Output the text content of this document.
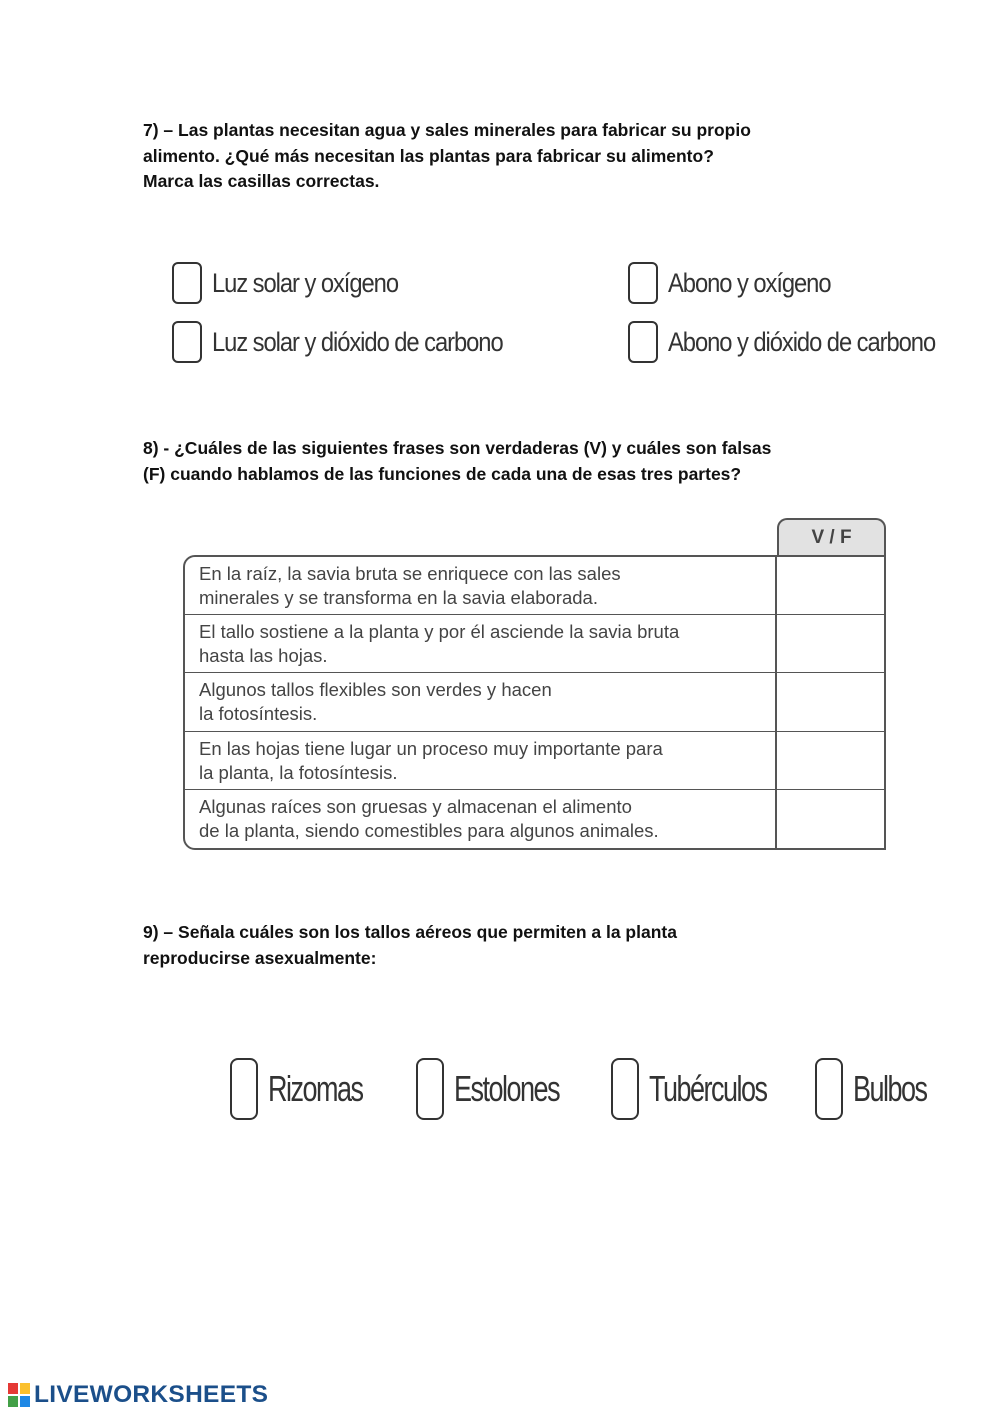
7) – Las plantas necesitan agua y sales minerales para fabricar su propio
alimento. ¿Qué más necesitan las plantas para fabricar su alimento?
Marca las casillas correctas.
Luz solar y oxígeno	Abono y oxígeno
Luz solar y dióxido de carbono	Abono y dióxido de carbono
8) - ¿Cuáles de las siguientes frases son verdaderas (V) y cuáles son falsas
(F) cuando hablamos de las funciones de cada una de esas tres partes?
V / F
En la raíz, la savia bruta se enriquece con las sales
minerales y se transforma en la savia elaborada.
El tallo sostiene a la planta y por él asciende la savia bruta
hasta las hojas.
Algunos tallos flexibles son verdes y hacen
la fotosíntesis.
En las hojas tiene lugar un proceso muy importante para
la planta, la fotosíntesis.
Algunas raíces son gruesas y almacenan el alimento
de la planta, siendo comestibles para algunos animales.
9) – Señala cuáles son los tallos aéreos que permiten a la planta
reproducirse asexualmente:
Rizomas	Estolones Tubérculos Bulbos
LIVEWORKSHEETS
